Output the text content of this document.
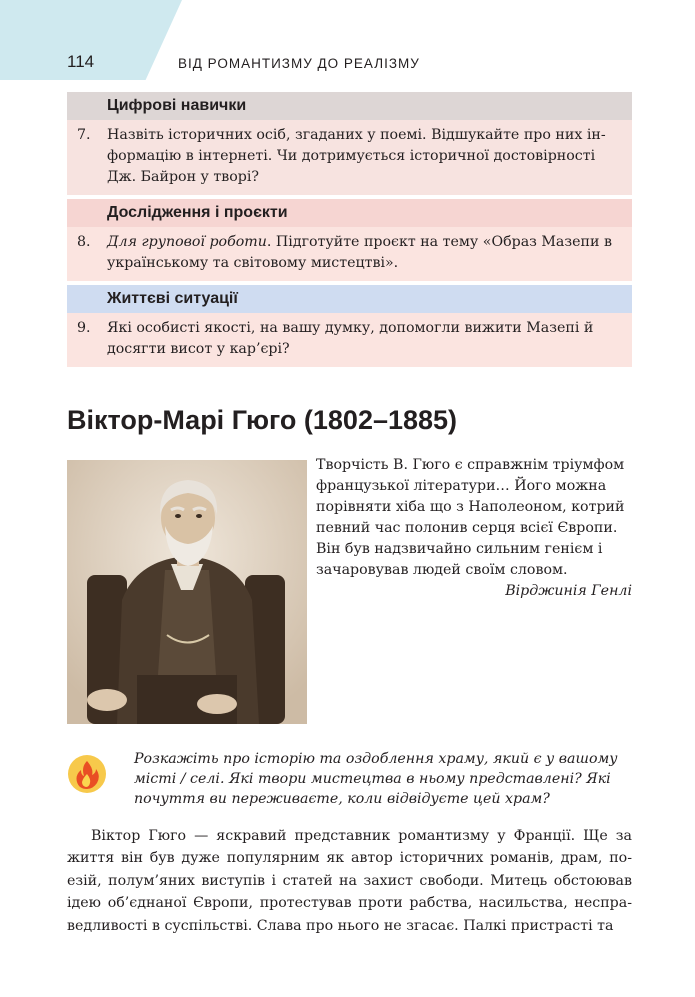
114	ВІД РОМАНТИЗМУ ДО РЕАЛІЗМУ
Цифрові навички
7. Назвіть історичних осіб, згаданих у поемі. Відшукайте про них інформацію в інтернеті. Чи дотримується історичної достовірності Дж. Байрон у творі?
Дослідження і проєкти
8. Для групової роботи. Підготуйте проєкт на тему «Образ Мазепи в українському та світовому мистецтві».
Життєві ситуації
9. Які особисті якості, на вашу думку, допомогли вижити Мазепі й досягти висот у кар’єрі?
Віктор-Марі Гюго (1802–1885)
Творчість В. Гюго є справжнім тріумфом французької літератури… Його можна порівняти хіба що з Наполеоном, котрий певний час полонив серця всієї Європи. Він був надзвичайно сильним генієм і зачаровував людей своїм словом.
Вірджинія Генлі
Розкажіть про історію та оздоблення храму, який є у вашому місті / селі. Які твори мистецтва в ньому представлені? Які почуття ви переживаєте, коли відвідуєте цей храм?
Віктор Гюго — яскравий представник романтизму у Франції. Ще за життя він був дуже популярним як автор історичних романів, драм, поезій, полум’яних виступів і статей на захист свободи. Митець обстоював ідею об’єднаної Європи, протестував проти рабства, насильства, несправедливості в суспільстві. Слава про нього не згасає. Палкі пристрасті та
